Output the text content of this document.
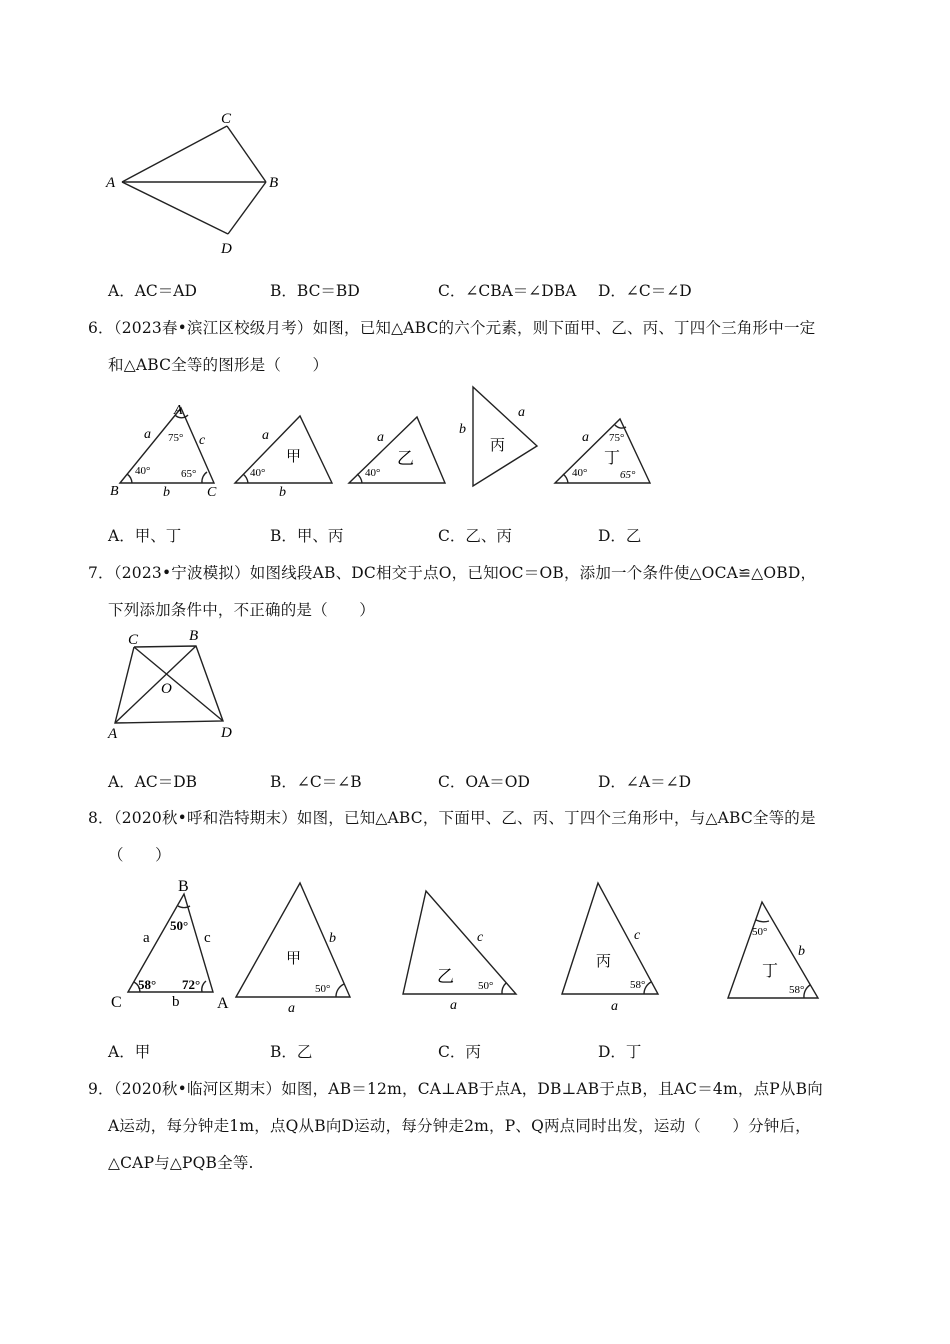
C
A	B
D
A．AC＝AD	B．BC＝BD	C．∠CBA＝∠DBA D．∠C＝∠D
6．（2023春•滨江区校级月考）如图，已知△ABC的六个元素，则下面甲、乙、丙、丁四个三角形中一定
和△ABC全等的图形是（　　）
A
B	C
a	c
b
75°
40°	65°
a
甲
40°
b
a
乙
40°
b
a
丙
a 75°
丁
40°	65°
A．甲、丁	B．甲、丙	C．乙、丙	D．乙
7．（2023•宁波模拟）如图线段AB、DC相交于点O，已知OC＝OB，添加一个条件使△OCA≌△OBD，
下列添加条件中，不正确的是（　　）
C	B
O
A	D
A．AC＝DB	B．∠C＝∠B	C．OA＝OD	D．∠A＝∠D
8．（2020秋•呼和浩特期末）如图，已知△ABC，下面甲、乙、丙、丁四个三角形中，与△ABC全等的是
（　　）
B
50°
a	c
58° 72°
C	b A
b
甲
50°
a
c
乙 50°
a
c
丙
58°
a
50°
b
丁
58°
A．甲	B．乙	C．丙	D．丁
9．（2020秋•临河区期末）如图，AB＝12m，CA⊥AB于点A，DB⊥AB于点B，且AC＝4m，点P从B向
A运动，每分钟走1m，点Q从B向D运动，每分钟走2m，P、Q两点同时出发，运动（　　）分钟后，
△CAP与△PQB全等.
